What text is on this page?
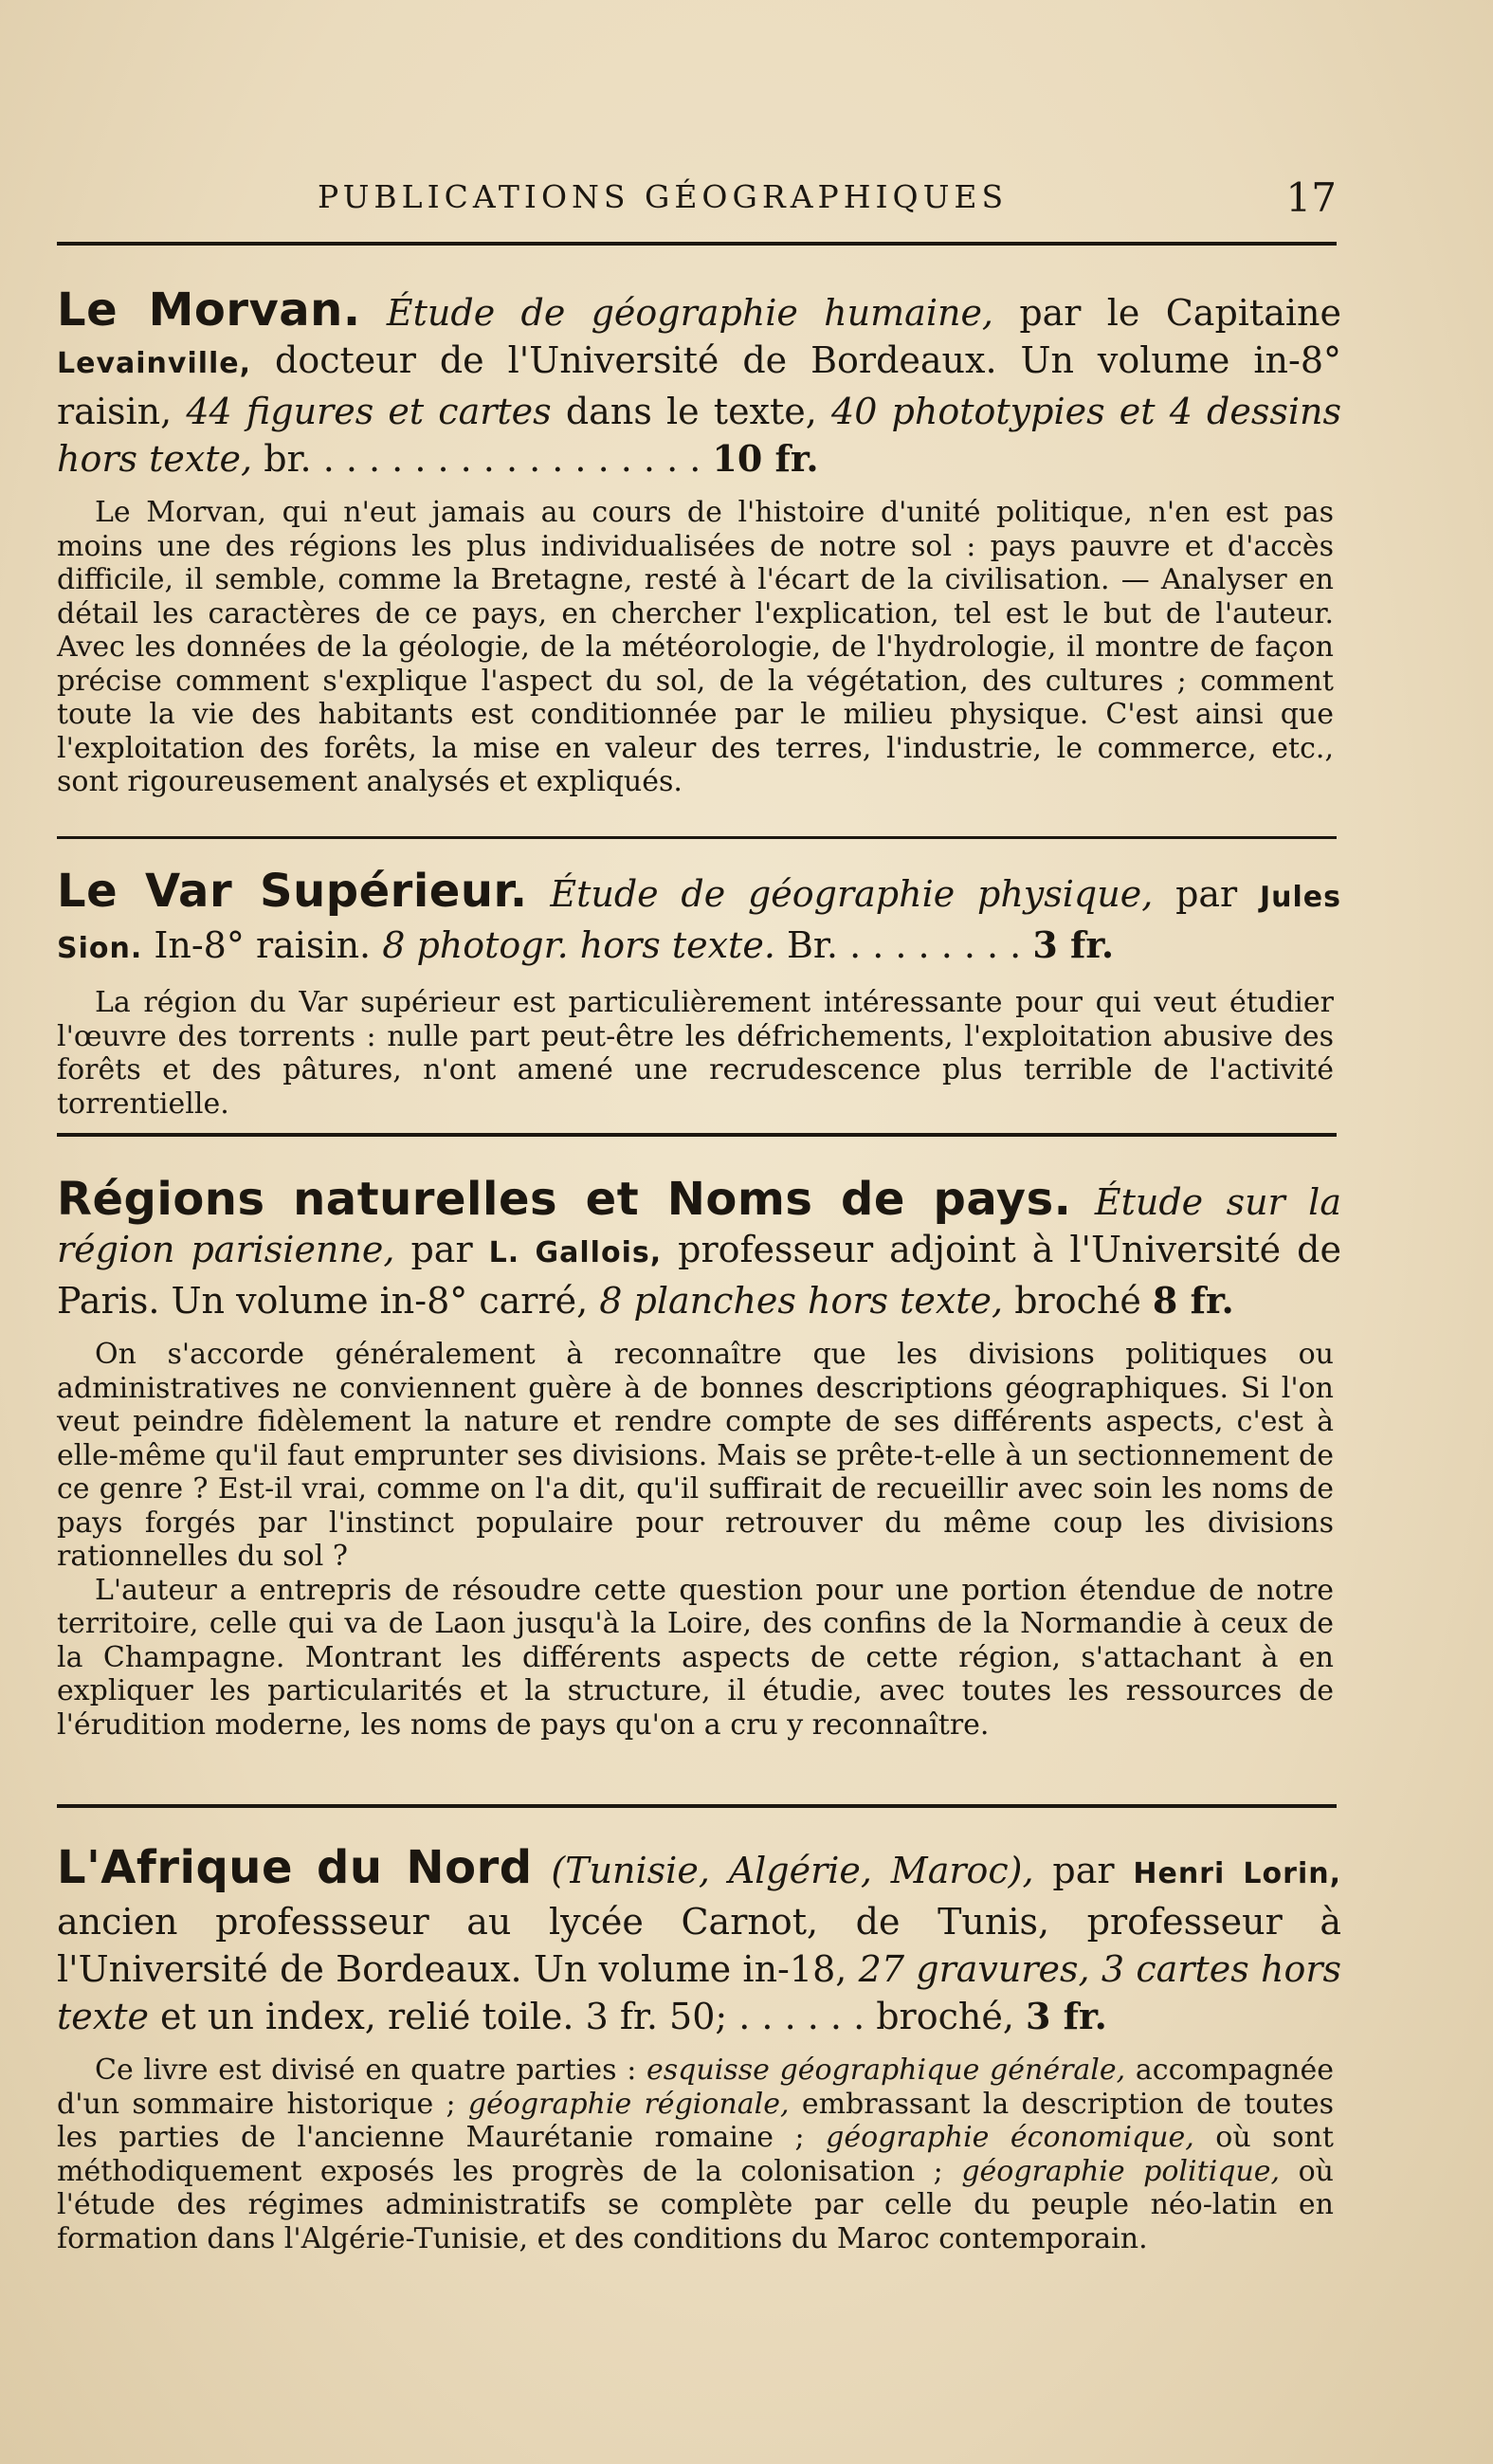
PUBLICATIONS GÉOGRAPHIQUES	17
Le Morvan. Étude de géographie humaine, par le Capitaine Levainville, docteur de l'Université de Bordeaux. Un volume in-8° raisin, 44 figures et cartes dans le texte, 40 phototypies et 4 dessins hors texte, br. . . . . . . . . . . . . . . . . . 10 fr.

Le Morvan, qui n'eut jamais au cours de l'histoire d'unité politique, n'en est pas moins une des régions les plus individualisées de notre sol : pays pauvre et d'accès difficile, il semble, comme la Bretagne, resté à l'écart de la civilisation. — Analyser en détail les caractères de ce pays, en chercher l'explication, tel est le but de l'auteur. Avec les données de la géologie, de la météorologie, de l'hydrologie, il montre de façon précise comment s'explique l'aspect du sol, de la végétation, des cultures ; comment toute la vie des habitants est conditionnée par le milieu physique. C'est ainsi que l'exploitation des forêts, la mise en valeur des terres, l'industrie, le commerce, etc., sont rigoureusement analysés et expliqués.

Le Var Supérieur. Étude de géographie physique, par Jules Sion. In-8° raisin. 8 photogr. hors texte. Br. . . . . . . . . 3 fr.

La région du Var supérieur est particulièrement intéressante pour qui veut étudier l'œuvre des torrents : nulle part peut-être les défrichements, l'exploitation abusive des forêts et des pâtures, n'ont amené une recrudescence plus terrible de l'activité torrentielle.

Régions naturelles et Noms de pays. Étude sur la région parisienne, par L. Gallois, professeur adjoint à l'Université de Paris. Un volume in-8° carré, 8 planches hors texte, broché 8 fr.

On s'accorde généralement à reconnaître que les divisions politiques ou administratives ne conviennent guère à de bonnes descriptions géographiques. Si l'on veut peindre fidèlement la nature et rendre compte de ses différents aspects, c'est à elle-même qu'il faut emprunter ses divisions. Mais se prête-t-elle à un sectionnement de ce genre ? Est-il vrai, comme on l'a dit, qu'il suffirait de recueillir avec soin les noms de pays forgés par l'instinct populaire pour retrouver du même coup les divisions rationnelles du sol ?

L'auteur a entrepris de résoudre cette question pour une portion étendue de notre territoire, celle qui va de Laon jusqu'à la Loire, des confins de la Normandie à ceux de la Champagne. Montrant les différents aspects de cette région, s'attachant à en expliquer les particularités et la structure, il étudie, avec toutes les ressources de l'érudition moderne, les noms de pays qu'on a cru y reconnaître.

L'Afrique du Nord (Tunisie, Algérie, Maroc), par Henri Lorin, ancien professseur au lycée Carnot, de Tunis, professeur à l'Université de Bordeaux. Un volume in-18, 27 gravures, 3 cartes hors texte et un index, relié toile. 3 fr. 50; . . . . . . broché, 3 fr.

Ce livre est divisé en quatre parties : esquisse géographique générale, accompagnée d'un sommaire historique ; géographie régionale, embrassant la description de toutes les parties de l'ancienne Maurétanie romaine ; géographie économique, où sont méthodiquement exposés les progrès de la colonisation ; géographie politique, où l'étude des régimes administratifs se complète par celle du peuple néo-latin en formation dans l'Algérie-Tunisie, et des conditions du Maroc contemporain.
